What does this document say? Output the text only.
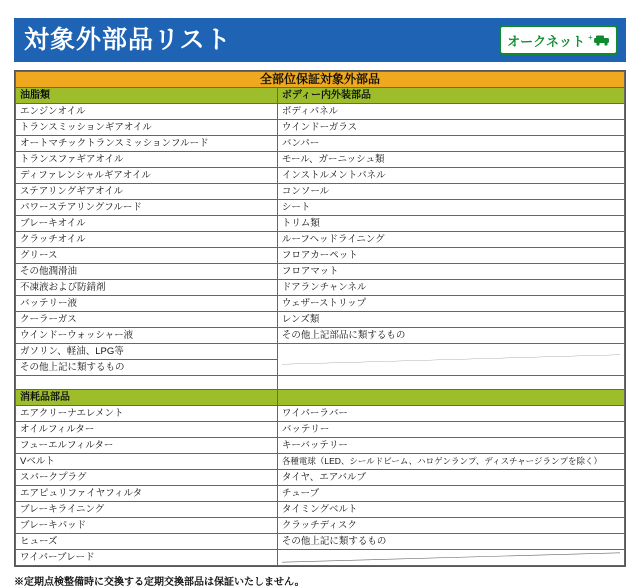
対象外部品リスト	オークネット +
全部位保証対象外部品	
油脂類	ボディー内外装部品
エンジンオイル	ボディパネル
トランスミッションギアオイル	ウインドーガラス
オートマチックトランスミッションフルード	バンパー
トランスファギアオイル	モール、ガーニッシュ類
ディファレンシャルギアオイル	インストルメントパネル
ステアリングギアオイル	コンソール
パワーステアリングフルード	シート
ブレーキオイル	トリム類
クラッチオイル	ルーフヘッドライニング
グリース	フロアカーペット
その他潤滑油	フロアマット
不凍液および防錆剤	ドアランチャンネル
バッテリー液	ウェザーストリップ
クーラーガス	レンズ類
ウインドーウォッシャー液	その他上記部品に類するもの
ガソリン、軽油、LPG等	

その他上記に類するもの	

消耗品部品	
エアクリーナエレメント	ワイパーラバー
オイルフィルター	バッテリー
フューエルフィルター	キーバッテリー
Vベルト	各種電球（LED、シールドビーム、ハロゲンランプ、ディスチャージランプを除く）
スパークプラグ	タイヤ、エアバルブ
エアピュリファイヤフィルタ	チューブ
ブレーキライニング	タイミングベルト
ブレーキパッド	クラッチディスク
ヒューズ	その他上記に類するもの
ワイパーブレード	
※定期点検整備時に交換する定期交換部品は保証いたしません。
